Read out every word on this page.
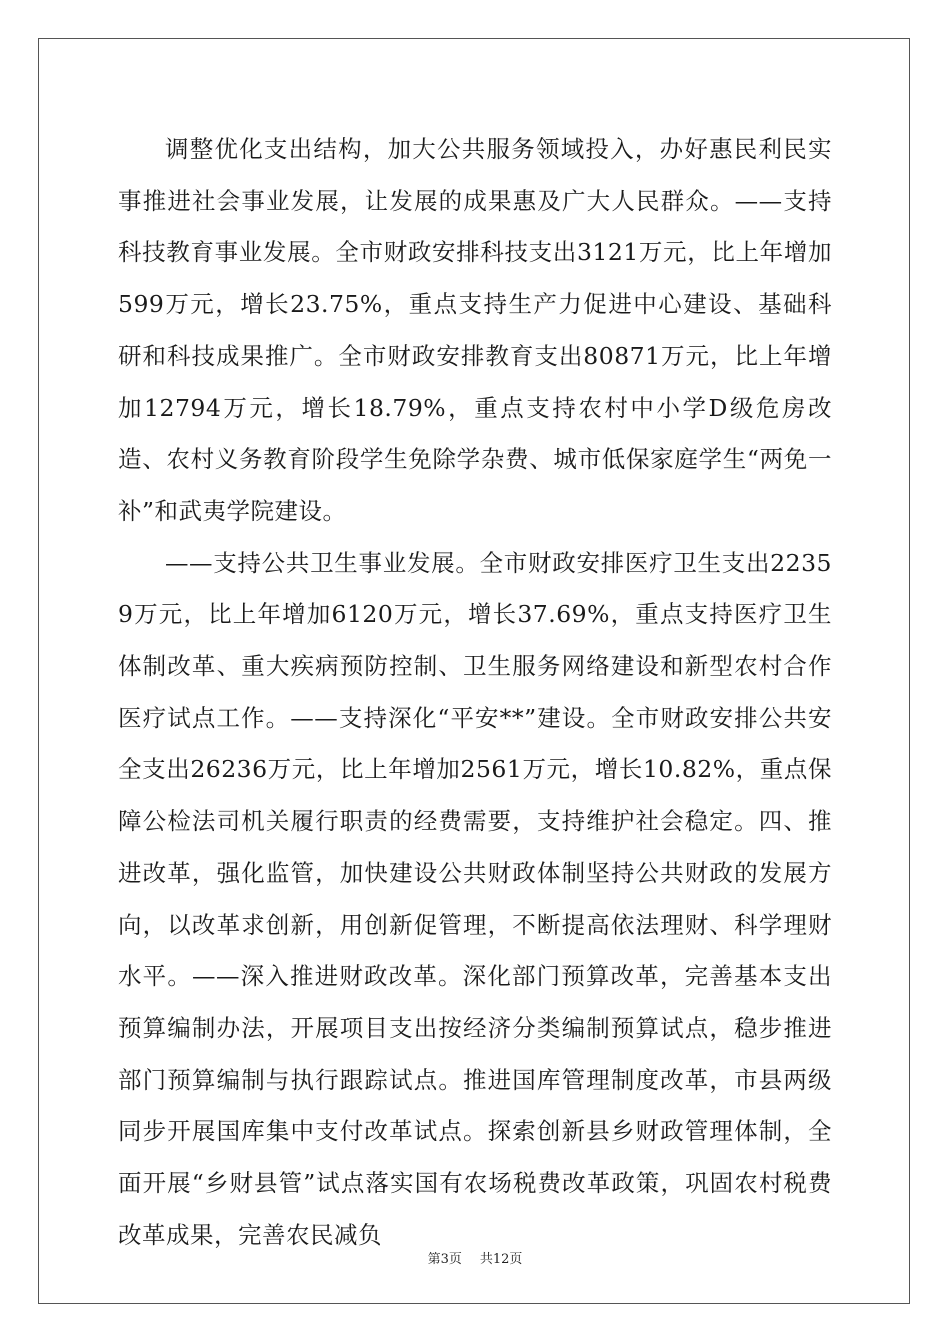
调整优化支出结构，加大公共服务领域投入，办好惠民利民实事推进社会事业发展，让发展的成果惠及广大人民群众。——支持科技教育事业发展。全市财政安排科技支出3121万元，比上年增加599万元，增长23.75%，重点支持生产力促进中心建设、基础科研和科技成果推广。全市财政安排教育支出80871万元，比上年增加12794万元，增长18.79%，重点支持农村中小学D级危房改造、农村义务教育阶段学生免除学杂费、城市低保家庭学生“两免一补”和武夷学院建设。

——支持公共卫生事业发展。全市财政安排医疗卫生支出22359万元，比上年增加6120万元，增长37.69%，重点支持医疗卫生体制改革、重大疾病预防控制、卫生服务网络建设和新型农村合作医疗试点工作。——支持深化“平安**”建设。全市财政安排公共安全支出26236万元，比上年增加2561万元，增长10.82%，重点保障公检法司机关履行职责的经费需要，支持维护社会稳定。四、推进改革，强化监管，加快建设公共财政体制坚持公共财政的发展方向，以改革求创新，用创新促管理，不断提高依法理财、科学理财水平。——深入推进财政改革。深化部门预算改革，完善基本支出预算编制办法，开展项目支出按经济分类编制预算试点，稳步推进部门预算编制与执行跟踪试点。推进国库管理制度改革，市县两级同步开展国库集中支付改革试点。探索创新县乡财政管理体制，全面开展“乡财县管”试点落实国有农场税费改革政策，巩固农村税费改革成果，完善农民减负

第3页 共12页
